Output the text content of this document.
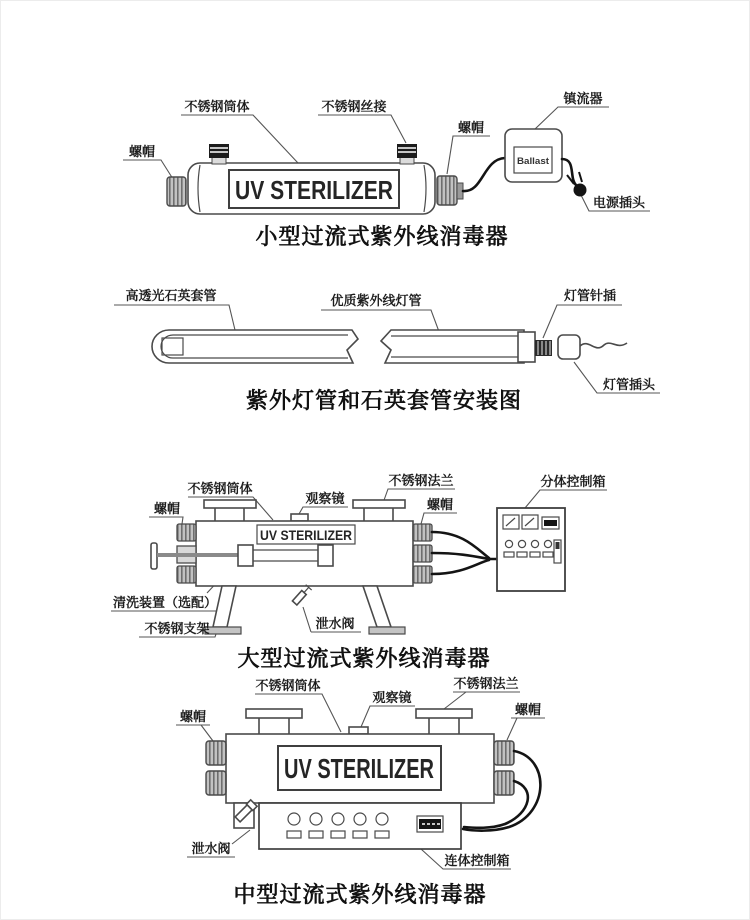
UV STERILIZER
Ballast
螺帽
不锈钢筒体	不锈钢丝接
螺帽
镇流器
电源插头
小型过流式紫外线消毒器
高透光石英套管	优质紫外线灯管	灯管针插
灯管插头
紫外灯管和石英套管安装图
UV STERILIZER
螺帽
不锈钢筒体
观察镜
不锈钢法兰
螺帽
分体控制箱
清洗装置（选配）
不锈钢支架	泄水阀
大型过流式紫外线消毒器
UV STERILIZER
螺帽
不锈钢筒体
观察镜
不锈钢法兰
螺帽
泄水阀
连体控制箱
中型过流式紫外线消毒器
